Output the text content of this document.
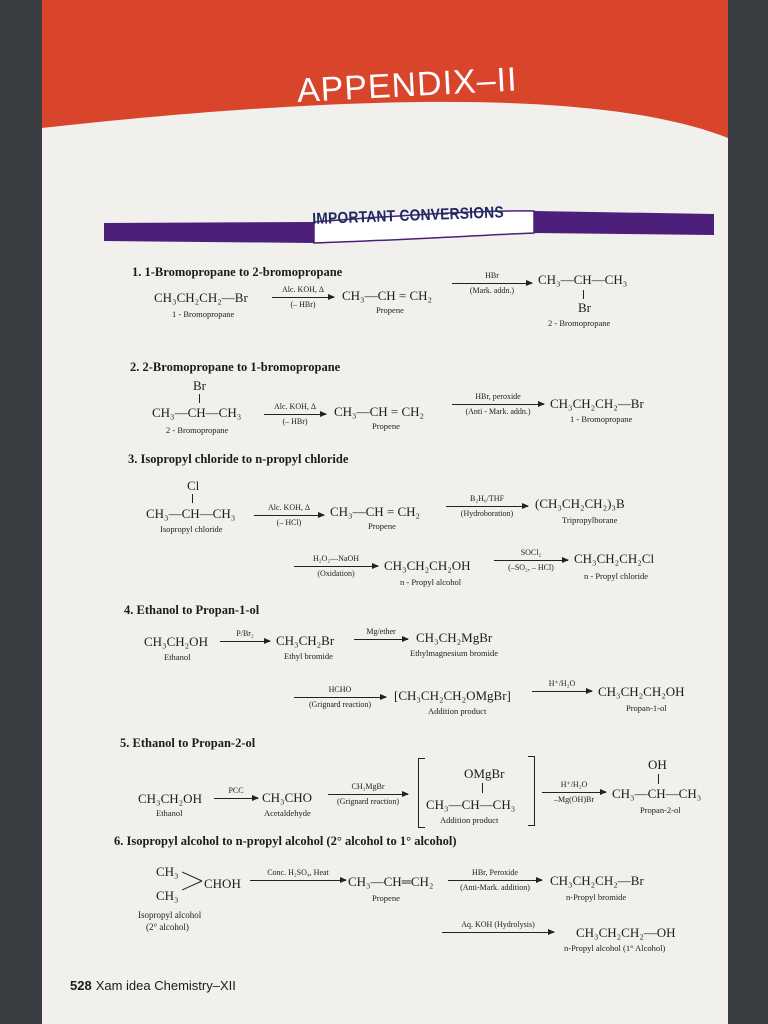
APPENDIX–II
IMPORTANT CONVERSIONS
1. 1-Bromopropane to 2-bromopropane
CH₃CH₂CH₂—Br
1 - Bromopropane
Alc. KOH, Δ
(– HBr)
CH₃—CH = CH₂
Propene
HBr
(Mark. addn.)
CH₃—CH—CH₃
Br
2 - Bromopropane
2. 2-Bromopropane to 1-bromopropane
Br
CH₃—CH—CH₃
2 - Bromopropane
Alc. KOH, Δ
(– HBr)
CH₃—CH = CH₂
Propene
HBr, peroxide
(Anti - Mark. addn.)
CH₃CH₂CH₂—Br
1 - Bromopropane
3. Isopropyl chloride to n-propyl chloride
Cl
CH₃—CH—CH₃
Isopropyl chloride
Alc. KOH, Δ
(– HCl)
CH₃—CH = CH₂
Propene
B₂H₆/THF
(Hydroboration)
(CH₃CH₂CH₂)₃B
Tripropylborane
H₂O₂—NaOH
(Oxidation)
CH₃CH₂CH₂OH
n - Propyl alcohol
SOCl₂
(–SO₂, – HCl)
CH₃CH₂CH₂Cl
n - Propyl chloride
4. Ethanol to Propan-1-ol
CH₃CH₂OH
Ethanol
P/Br₂ → CH₃CH₂Br
Ethyl bromide
Mg/ether → CH₃CH₂MgBr
Ethylmagnesium bromide
HCHO
(Grignard reaction)
[CH₃CH₂CH₂OMgBr]
Addition product
H⁺/H₂O
→ CH₃CH₂CH₂OH
Propan-1-ol
5. Ethanol to Propan-2-ol
CH₃CH₂OH
Ethanol
PCC → CH₃CHO
Acetaldehyde
CH₃MgBr
(Grignard reaction)
OMgBr
CH₃—CH—CH₃
Addition product
H⁺/H₂O
–Mg(OH)Br
OH
CH₃—CH—CH₃
Propan-2-ol
6. Isopropyl alcohol to n-propyl alcohol (2° alcohol to 1° alcohol)
CH₃
CH₃
CHOH
Isopropyl alcohol
(2° alcohol)
Conc. H₂SO₄, Heat
CH₃—CH═CH₂
Propene
HBr, Peroxide
(Anti-Mark. addition)	CH₃CH₂CH₂—Br
n-Propyl bromide
Aq. KOH (Hydrolysis)
CH₃CH₂CH₂—OH
n-Propyl alcohol (1° Alcohol)
528 Xam idea Chemistry–XII
